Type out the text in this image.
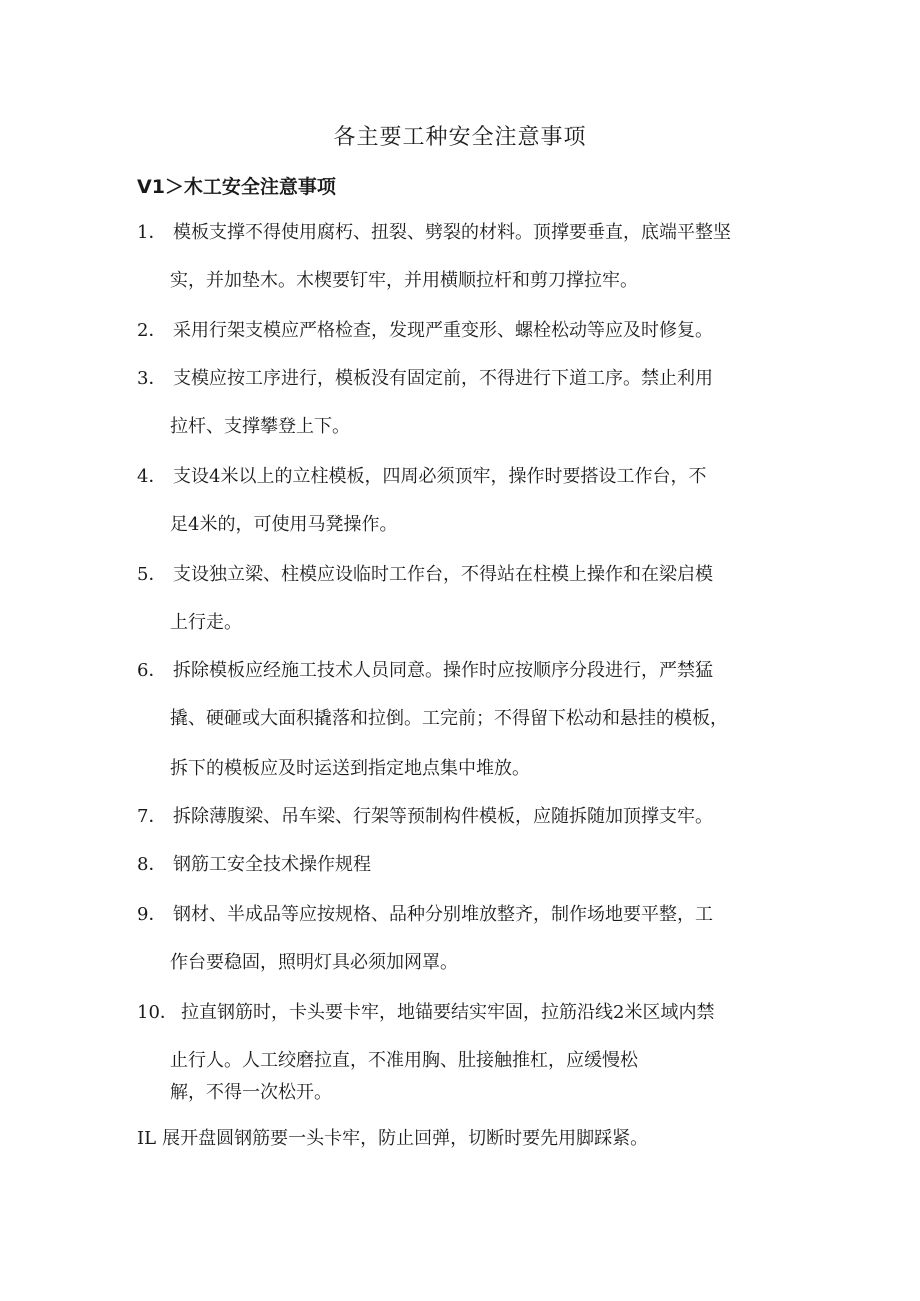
各主要工种安全注意事项
V1＞木工安全注意事项
1． 模板支撑不得使用腐朽、扭裂、劈裂的材料。顶撑要垂直，底端平整坚
实，并加垫木。木楔要钉牢，并用横顺拉杆和剪刀撑拉牢。
2． 采用行架支模应严格检查，发现严重变形、螺栓松动等应及时修复。
3． 支模应按工序进行，模板没有固定前，不得进行下道工序。禁止利用
拉杆、支撑攀登上下。
4． 支设4米以上的立柱模板，四周必须顶牢，操作时要搭设工作台，不
足4米的，可使用马凳操作。
5． 支设独立梁、柱模应设临时工作台，不得站在柱模上操作和在梁启模
上行走。
6． 拆除模板应经施工技术人员同意。操作时应按顺序分段进行，严禁猛
撬、硬砸或大面积撬落和拉倒。工完前；不得留下松动和悬挂的模板，
拆下的模板应及时运送到指定地点集中堆放。
7． 拆除薄腹梁、吊车梁、行架等预制构件模板，应随拆随加顶撑支牢。
8． 钢筋工安全技术操作规程
9． 钢材、半成品等应按规格、品种分别堆放整齐，制作场地要平整，工
作台要稳固，照明灯具必须加网罩。
10． 拉直钢筋时，卡头要卡牢，地锚要结实牢固，拉筋沿线2米区域内禁
止行人。人工绞磨拉直，不准用胸、肚接触推杠，应缓慢松
解，不得一次松开。
IL 展开盘圆钢筋要一头卡牢，防止回弹，切断时要先用脚踩紧。
